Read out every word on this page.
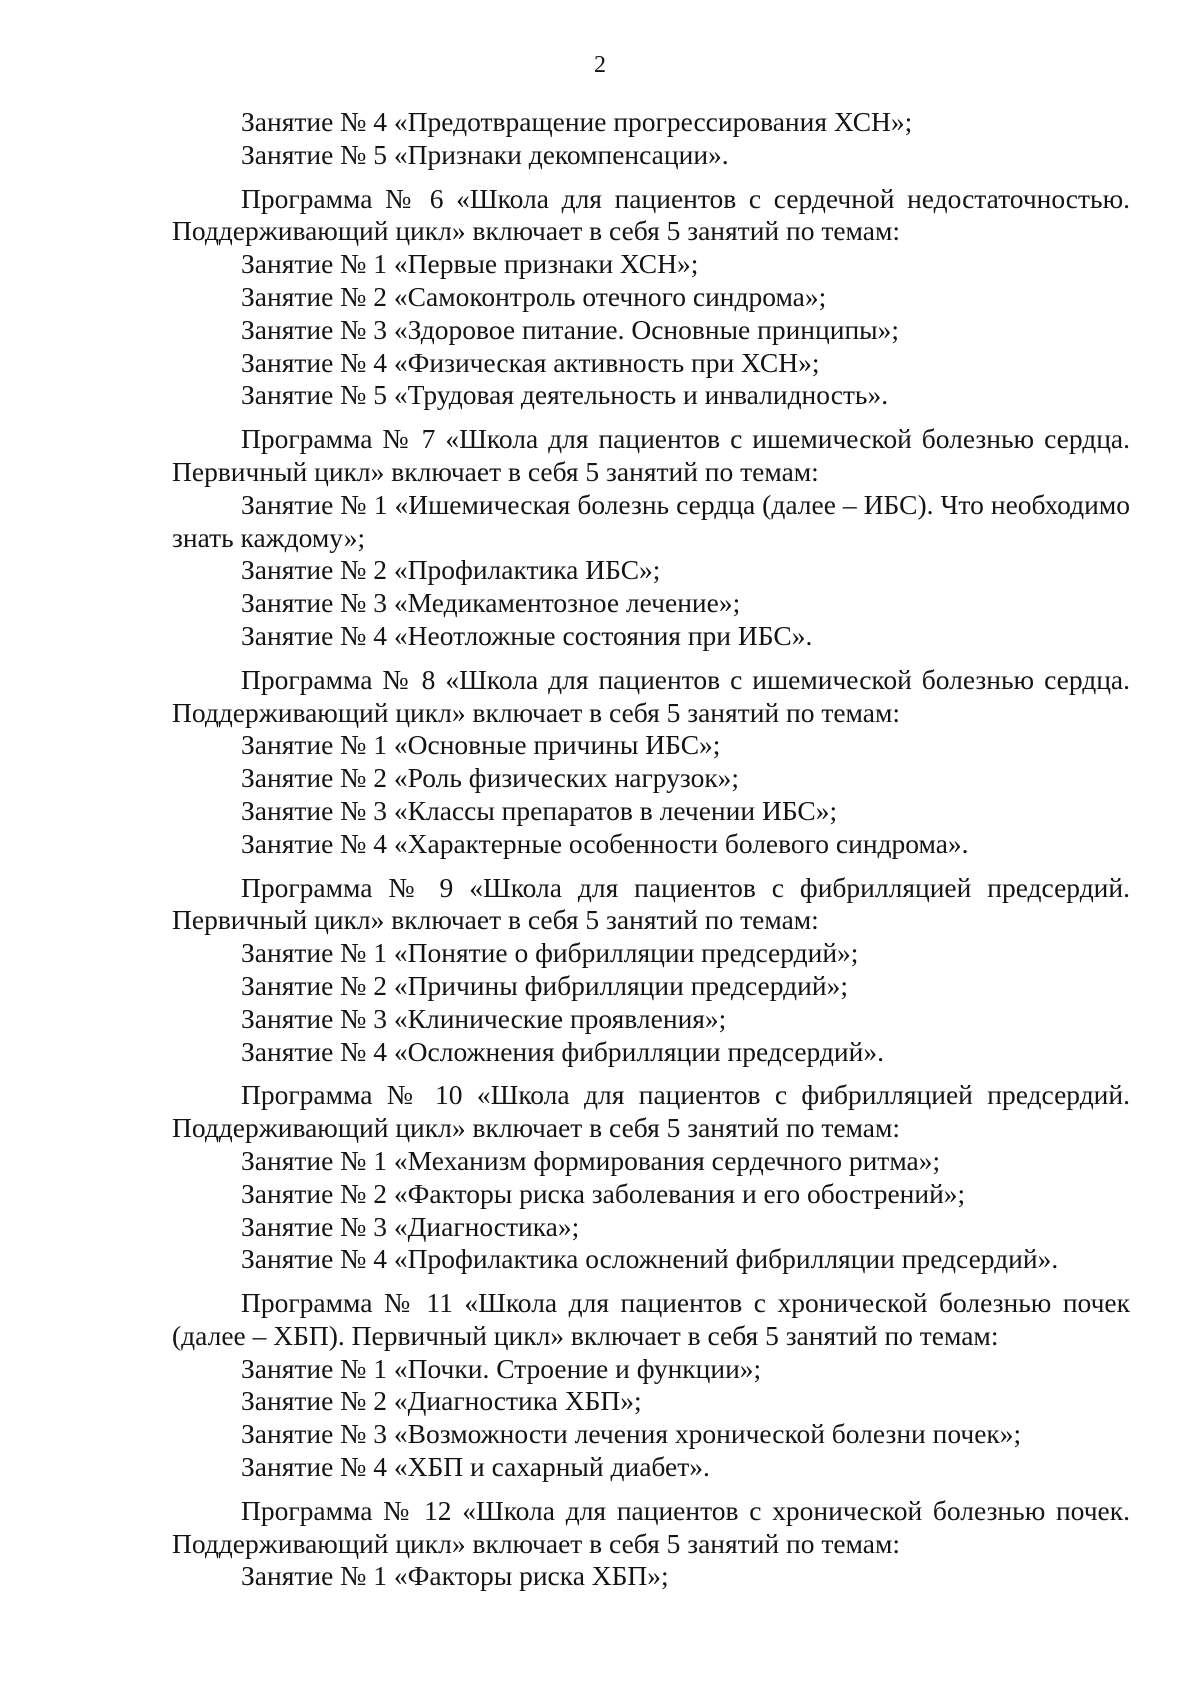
2

Занятие № 4 «Предотвращение прогрессирования ХСН»;

Занятие № 5 «Признаки декомпенсации».

Программа № 6 «Школа для пациентов с сердечной недостаточностью. Поддерживающий цикл» включает в себя 5 занятий по темам:

Занятие № 1 «Первые признаки ХСН»;

Занятие № 2 «Самоконтроль отечного синдрома»;

Занятие № 3 «Здоровое питание. Основные принципы»;

Занятие № 4 «Физическая активность при ХСН»;

Занятие № 5 «Трудовая деятельность и инвалидность».

Программа № 7 «Школа для пациентов с ишемической болезнью сердца. Первичный цикл» включает в себя 5 занятий по темам:

Занятие № 1 «Ишемическая болезнь сердца (далее – ИБС). Что необходимо знать каждому»;

Занятие № 2 «Профилактика ИБС»;

Занятие № 3 «Медикаментозное лечение»;

Занятие № 4 «Неотложные состояния при ИБС».

Программа № 8 «Школа для пациентов с ишемической болезнью сердца. Поддерживающий цикл» включает в себя 5 занятий по темам:

Занятие № 1 «Основные причины ИБС»;

Занятие № 2 «Роль физических нагрузок»;

Занятие № 3 «Классы препаратов в лечении ИБС»;

Занятие № 4 «Характерные особенности болевого синдрома».

Программа № 9 «Школа для пациентов с фибрилляцией предсердий. Первичный цикл» включает в себя 5 занятий по темам:

Занятие № 1 «Понятие о фибрилляции предсердий»;

Занятие № 2 «Причины фибрилляции предсердий»;

Занятие № 3 «Клинические проявления»;

Занятие № 4 «Осложнения фибрилляции предсердий».

Программа № 10 «Школа для пациентов с фибрилляцией предсердий. Поддерживающий цикл» включает в себя 5 занятий по темам:

Занятие № 1 «Механизм формирования сердечного ритма»;

Занятие № 2 «Факторы риска заболевания и его обострений»;

Занятие № 3 «Диагностика»;

Занятие № 4 «Профилактика осложнений фибрилляции предсердий».

Программа № 11 «Школа для пациентов с хронической болезнью почек (далее – ХБП). Первичный цикл» включает в себя 5 занятий по темам:

Занятие № 1 «Почки. Строение и функции»;

Занятие № 2 «Диагностика ХБП»;

Занятие № 3 «Возможности лечения хронической болезни почек»;

Занятие № 4 «ХБП и сахарный диабет».

Программа № 12 «Школа для пациентов с хронической болезнью почек. Поддерживающий цикл» включает в себя 5 занятий по темам:

Занятие № 1 «Факторы риска ХБП»;
